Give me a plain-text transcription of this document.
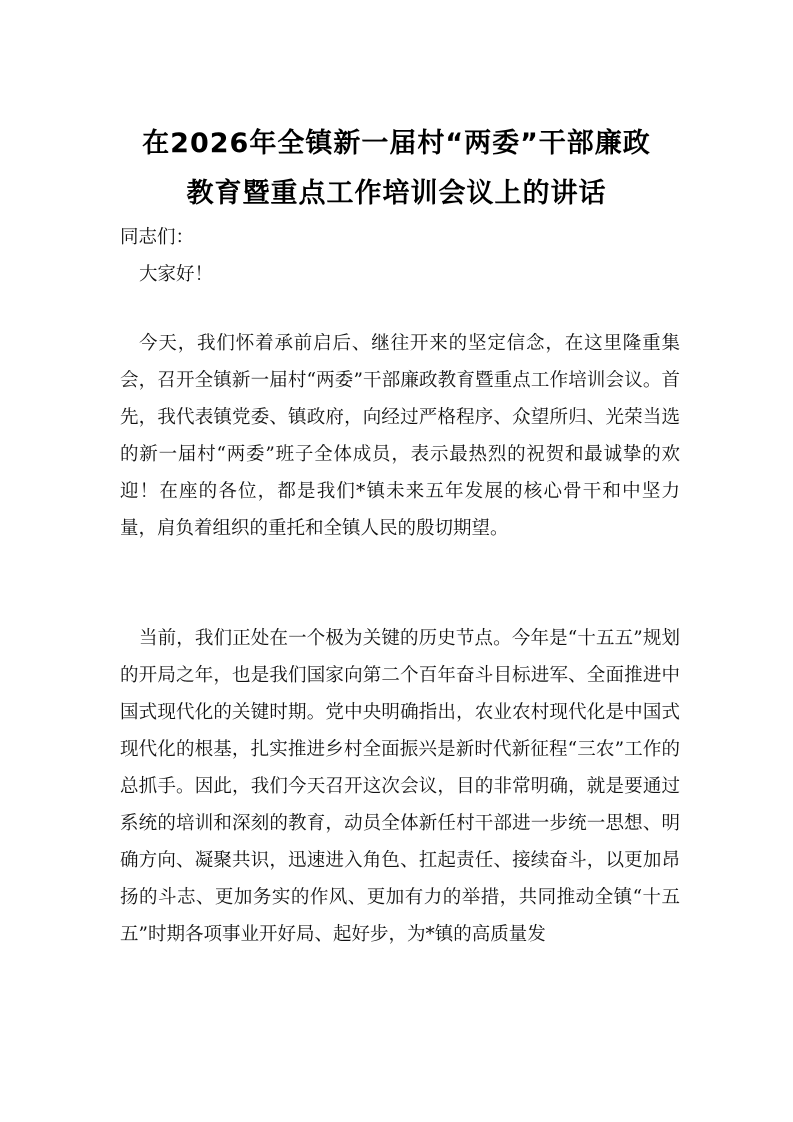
在2026年全镇新一届村“两委”干部廉政
教育暨重点工作培训会议上的讲话
同志们：
大家好！

今天，我们怀着承前启后、继往开来的坚定信念，在这里隆重集会，召开全镇新一届村“两委”干部廉政教育暨重点工作培训会议。首先，我代表镇党委、镇政府，向经过严格程序、众望所归、光荣当选的新一届村“两委”班子全体成员，表示最热烈的祝贺和最诚挚的欢迎！在座的各位，都是我们*镇未来五年发展的核心骨干和中坚力量，肩负着组织的重托和全镇人民的殷切期望。

当前，我们正处在一个极为关键的历史节点。今年是“十五五”规划的开局之年，也是我们国家向第二个百年奋斗目标进军、全面推进中国式现代化的关键时期。党中央明确指出，农业农村现代化是中国式现代化的根基，扎实推进乡村全面振兴是新时代新征程“三农”工作的总抓手。因此，我们今天召开这次会议，目的非常明确，就是要通过系统的培训和深刻的教育，动员全体新任村干部进一步统一思想、明确方向、凝聚共识，迅速进入角色、扛起责任、接续奋斗，以更加昂扬的斗志、更加务实的作风、更加有力的举措，共同推动全镇“十五五”时期各项事业开好局、起好步，为*镇的高质量发
